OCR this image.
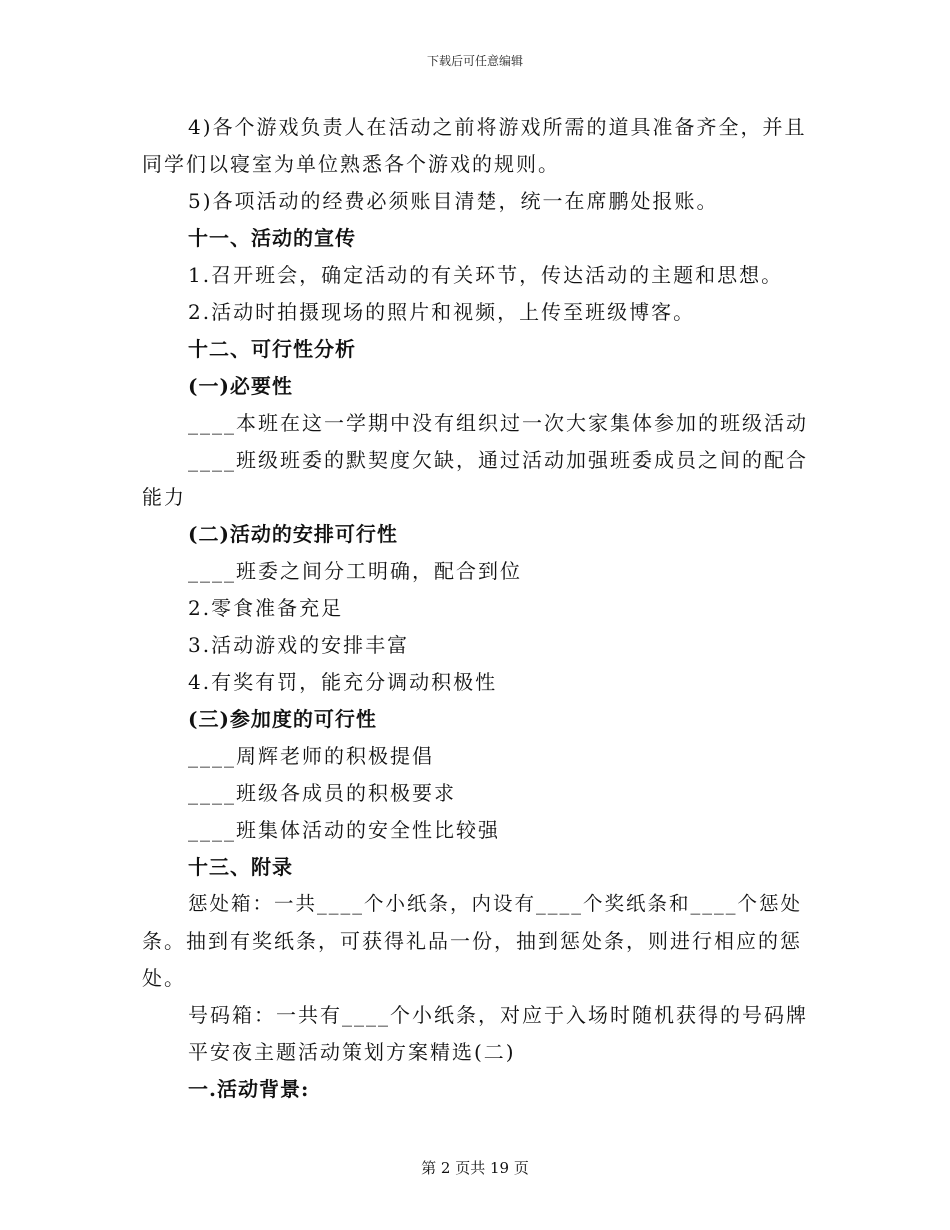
下载后可任意编辑
4)各个游戏负责人在活动之前将游戏所需的道具准备齐全，并且
同学们以寝室为单位熟悉各个游戏的规则。
5)各项活动的经费必须账目清楚，统一在席鹏处报账。
十一、活动的宣传
1.召开班会，确定活动的有关环节，传达活动的主题和思想。
2.活动时拍摄现场的照片和视频，上传至班级博客。
十二、可行性分析
(一)必要性
____本班在这一学期中没有组织过一次大家集体参加的班级活动
____班级班委的默契度欠缺，通过活动加强班委成员之间的配合
能力
(二)活动的安排可行性
____班委之间分工明确，配合到位
2.零食准备充足
3.活动游戏的安排丰富
4.有奖有罚，能充分调动积极性
(三)参加度的可行性
____周辉老师的积极提倡
____班级各成员的积极要求
____班集体活动的安全性比较强
十三、附录
惩处箱：一共____个小纸条，内设有____个奖纸条和____个惩处
条。抽到有奖纸条，可获得礼品一份，抽到惩处条，则进行相应的惩
处。
号码箱：一共有____个小纸条，对应于入场时随机获得的号码牌
平安夜主题活动策划方案精选(二)
一.活动背景:
第 2 页共 19 页
